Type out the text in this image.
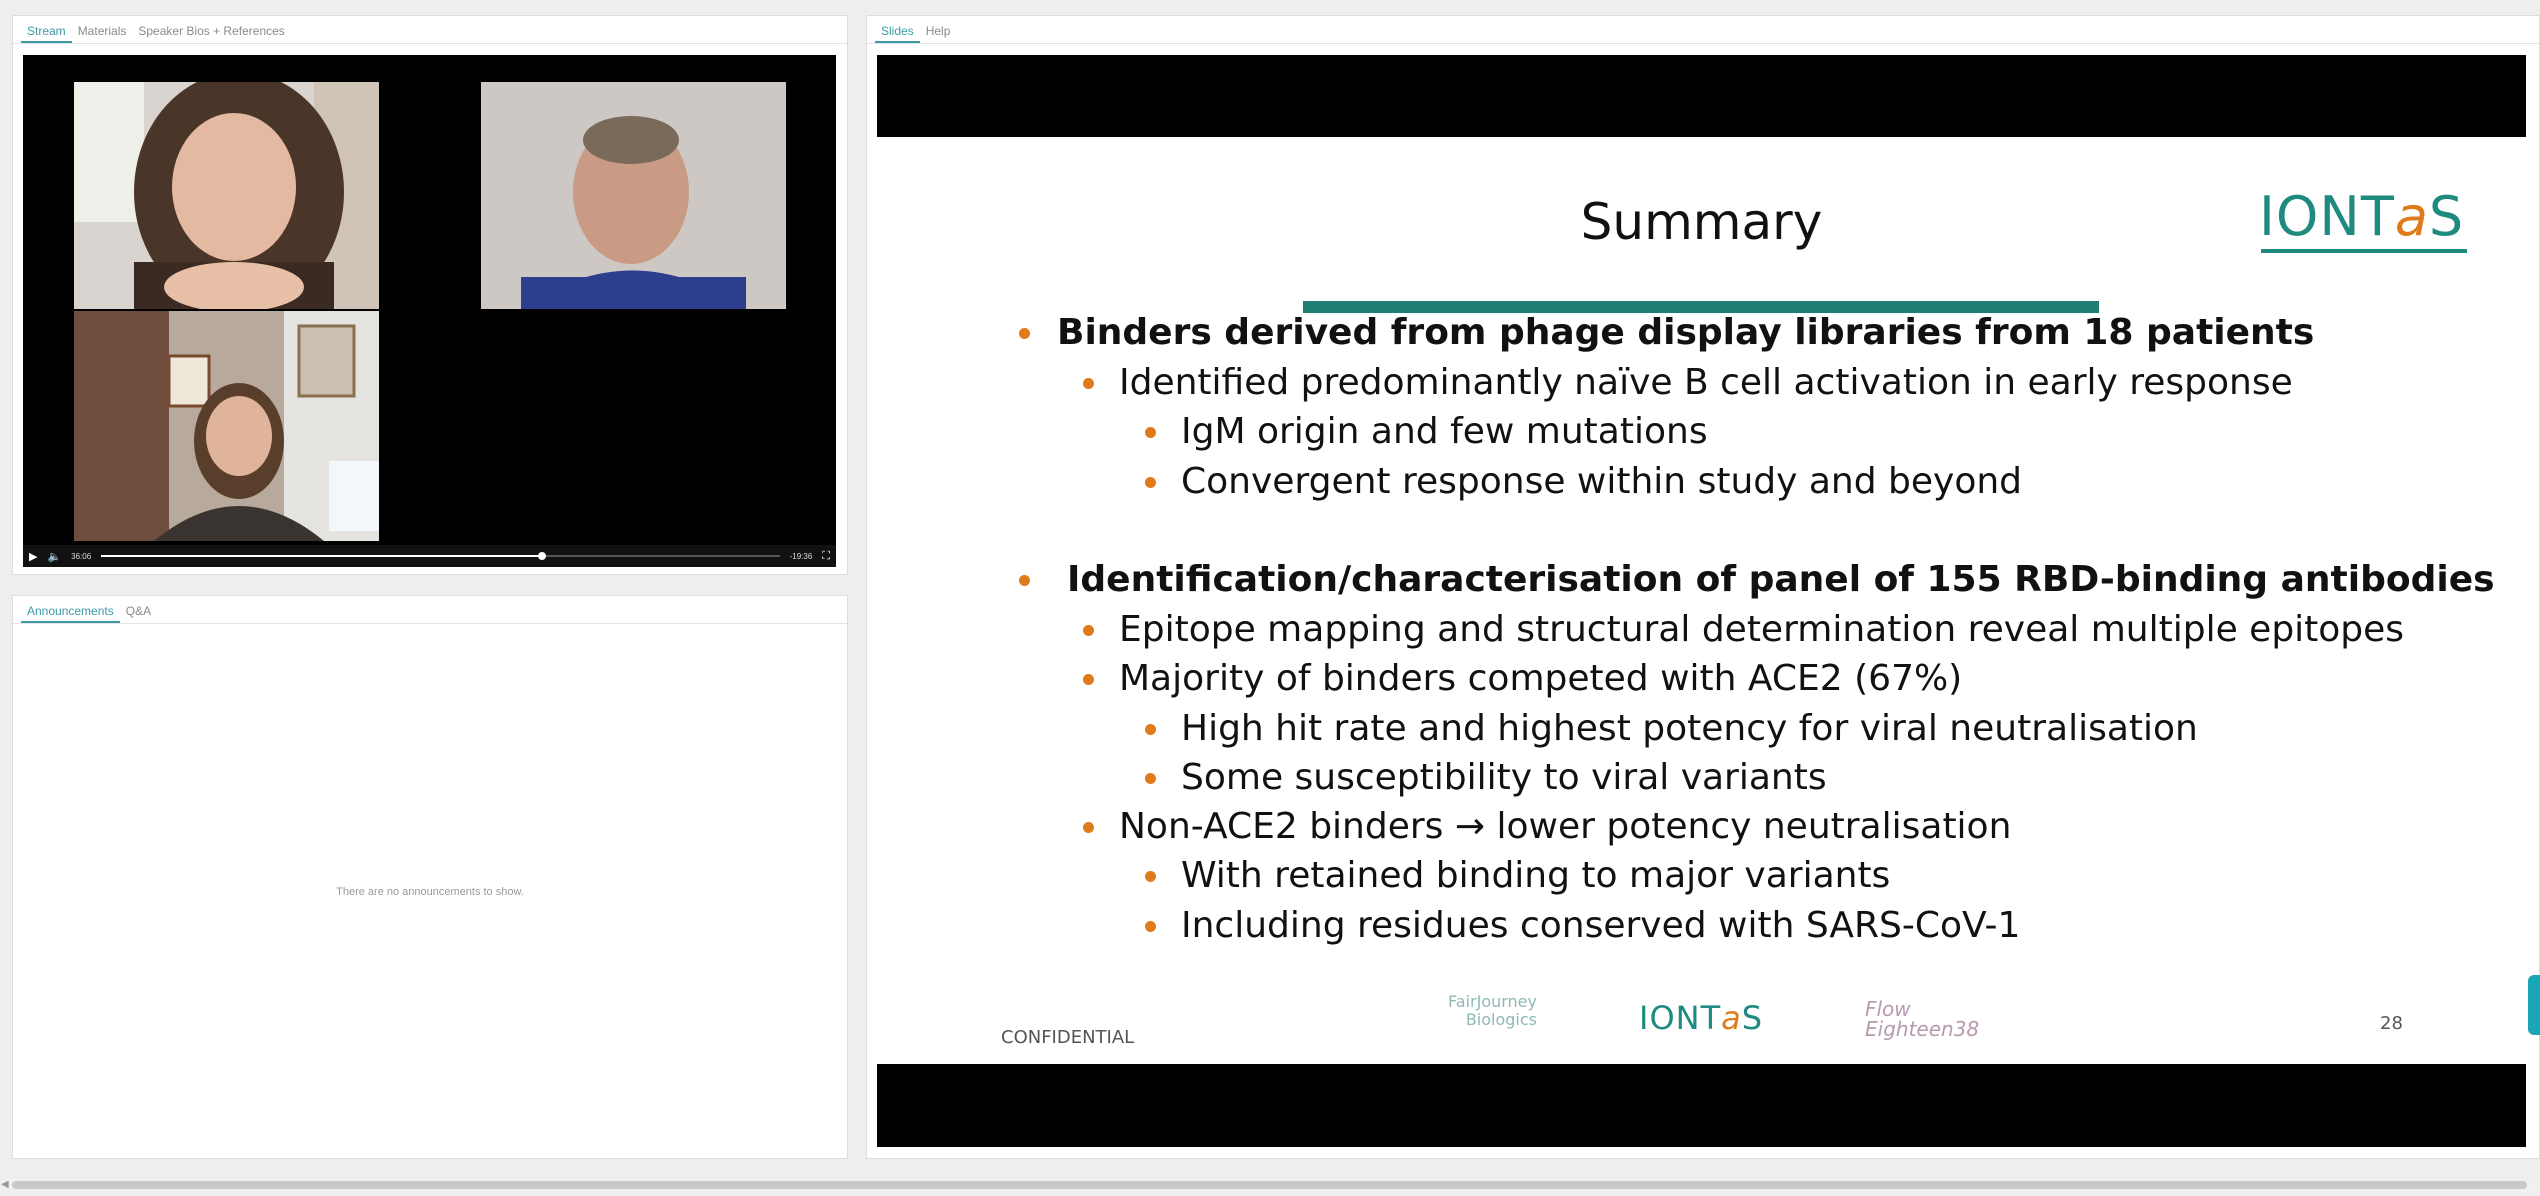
Stream	Materials	Speaker Bios + References
▶ 🔈 36:06	-19:36 ⛶
Announcements	Q&A
There are no announcements to show.
Slides	Help
Summary	IONTaS
Binders derived from phage display libraries from 18 patients
Identified predominantly naïve B cell activation in early response
IgM origin and few mutations
Convergent response within study and beyond
Identification/characterisation of panel of 155 RBD-binding antibodies
Epitope mapping and structural determination reveal multiple epitopes
Majority of binders competed with ACE2 (67%)
High hit rate and highest potency for viral neutralisation
Some susceptibility to viral variants
Non-ACE2 binders → lower potency neutralisation
With retained binding to major variants
Including residues conserved with SARS-CoV-1
CONFIDENTIAL
FairJourney
Biologics	IONTaS	Flow
Eighteen38	28
◀
